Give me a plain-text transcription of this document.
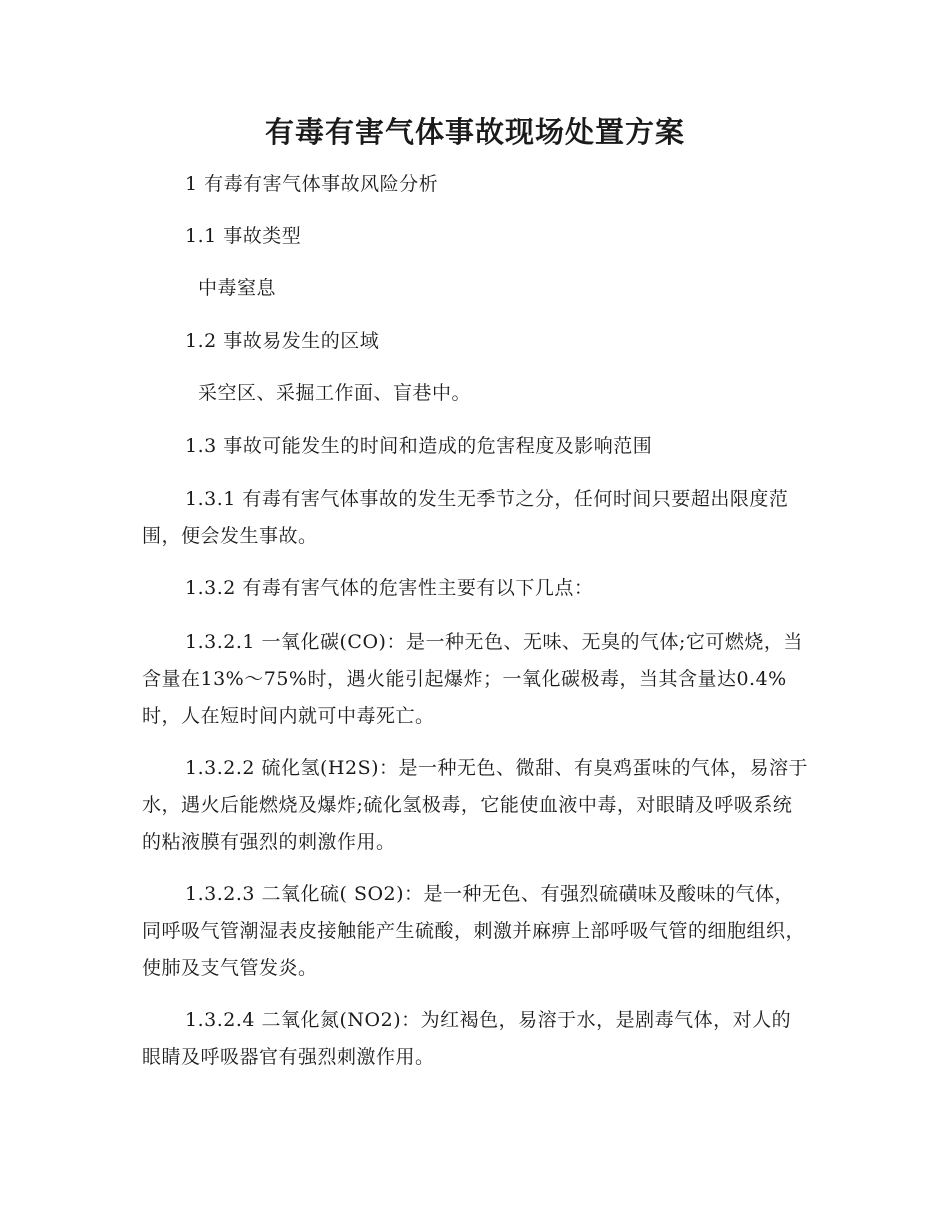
有毒有害气体事故现场处置方案

1 有毒有害气体事故风险分析

1.1 事故类型

中毒窒息

1.2 事故易发生的区域

采空区、采掘工作面、盲巷中。

1.3 事故可能发生的时间和造成的危害程度及影响范围

1.3.1 有毒有害气体事故的发生无季节之分，任何时间只要超出限度范围，便会发生事故。

1.3.2 有毒有害气体的危害性主要有以下几点：

1.3.2.1 一氧化碳(CO)：是一种无色、无味、无臭的气体;它可燃烧，当含量在13%～75%时，遇火能引起爆炸；一氧化碳极毒，当其含量达0.4%时，人在短时间内就可中毒死亡。

1.3.2.2 硫化氢(H2S)：是一种无色、微甜、有臭鸡蛋味的气体，易溶于水，遇火后能燃烧及爆炸;硫化氢极毒，它能使血液中毒，对眼睛及呼吸系统的粘液膜有强烈的刺激作用。

1.3.2.3 二氧化硫( SO2)：是一种无色、有强烈硫磺味及酸味的气体，同呼吸气管潮湿表皮接触能产生硫酸，刺激并麻痹上部呼吸气管的细胞组织，使肺及支气管发炎。

1.3.2.4 二氧化氮(NO2)：为红褐色，易溶于水，是剧毒气体，对人的眼睛及呼吸器官有强烈刺激作用。
